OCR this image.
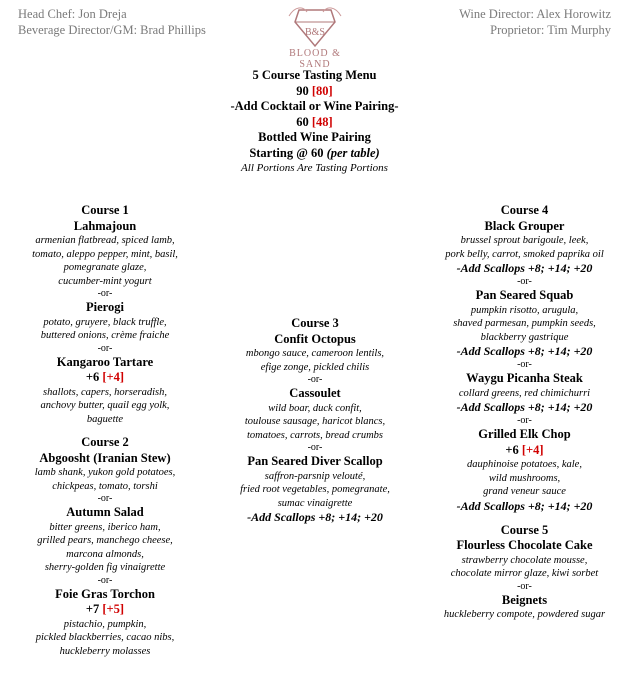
Head Chef: Jon Dreja
Beverage Director/GM: Brad Phillips	B&S
BLOOD & SAND
Wine Director: Alex Horowitz
Proprietor: Tim Murphy
5 Course Tasting Menu
90 [80]
-Add Cocktail or Wine Pairing-
60 [48]
Bottled Wine Pairing
Starting @ 60 (per table)
All Portions Are Tasting Portions
Course 1
Lahmajoun
armenian flatbread, spiced lamb,
tomato, aleppo pepper, mint, basil,
pomegranate glaze,
cucumber-mint yogurt
-or-
Pierogi
potato, gruyere, black truffle,
buttered onions, crème fraiche
-or-
Kangaroo Tartare
+6 [+4]
shallots, capers, horseradish,
anchovy butter, quail egg yolk,
baguette
Course 2
Abgoosht (Iranian Stew)
lamb shank, yukon gold potatoes,
chickpeas, tomato, torshi
-or-
Autumn Salad
bitter greens, iberico ham,
grilled pears, manchego cheese,
marcona almonds,
sherry-golden fig vinaigrette
-or-
Foie Gras Torchon
+7 [+5]
pistachio, pumpkin,
pickled blackberries, cacao nibs,
huckleberry molasses
Course 3
Confit Octopus
mbongo sauce, cameroon lentils,
efige zonge, pickled chilis
-or-
Cassoulet
wild boar, duck confit,
toulouse sausage, haricot blancs,
tomatoes, carrots, bread crumbs
-or-
Pan Seared Diver Scallop
saffron-parsnip velouté,
fried root vegetables, pomegranate,
sumac vinaigrette
-Add Scallops +8; +14; +20
Course 4
Black Grouper
brussel sprout barigoule, leek,
pork belly, carrot, smoked paprika oil
-Add Scallops +8; +14; +20
-or-
Pan Seared Squab
pumpkin risotto, arugula,
shaved parmesan, pumpkin seeds,
blackberry gastrique
-Add Scallops +8; +14; +20
-or-
Waygu Picanha Steak
collard greens, red chimichurri
-Add Scallops +8; +14; +20
-or-
Grilled Elk Chop
+6 [+4]
dauphinoise potatoes, kale,
wild mushrooms,
grand veneur sauce
-Add Scallops +8; +14; +20
Course 5
Flourless Chocolate Cake
strawberry chocolate mousse,
chocolate mirror glaze, kiwi sorbet
-or-
Beignets
huckleberry compote, powdered sugar
